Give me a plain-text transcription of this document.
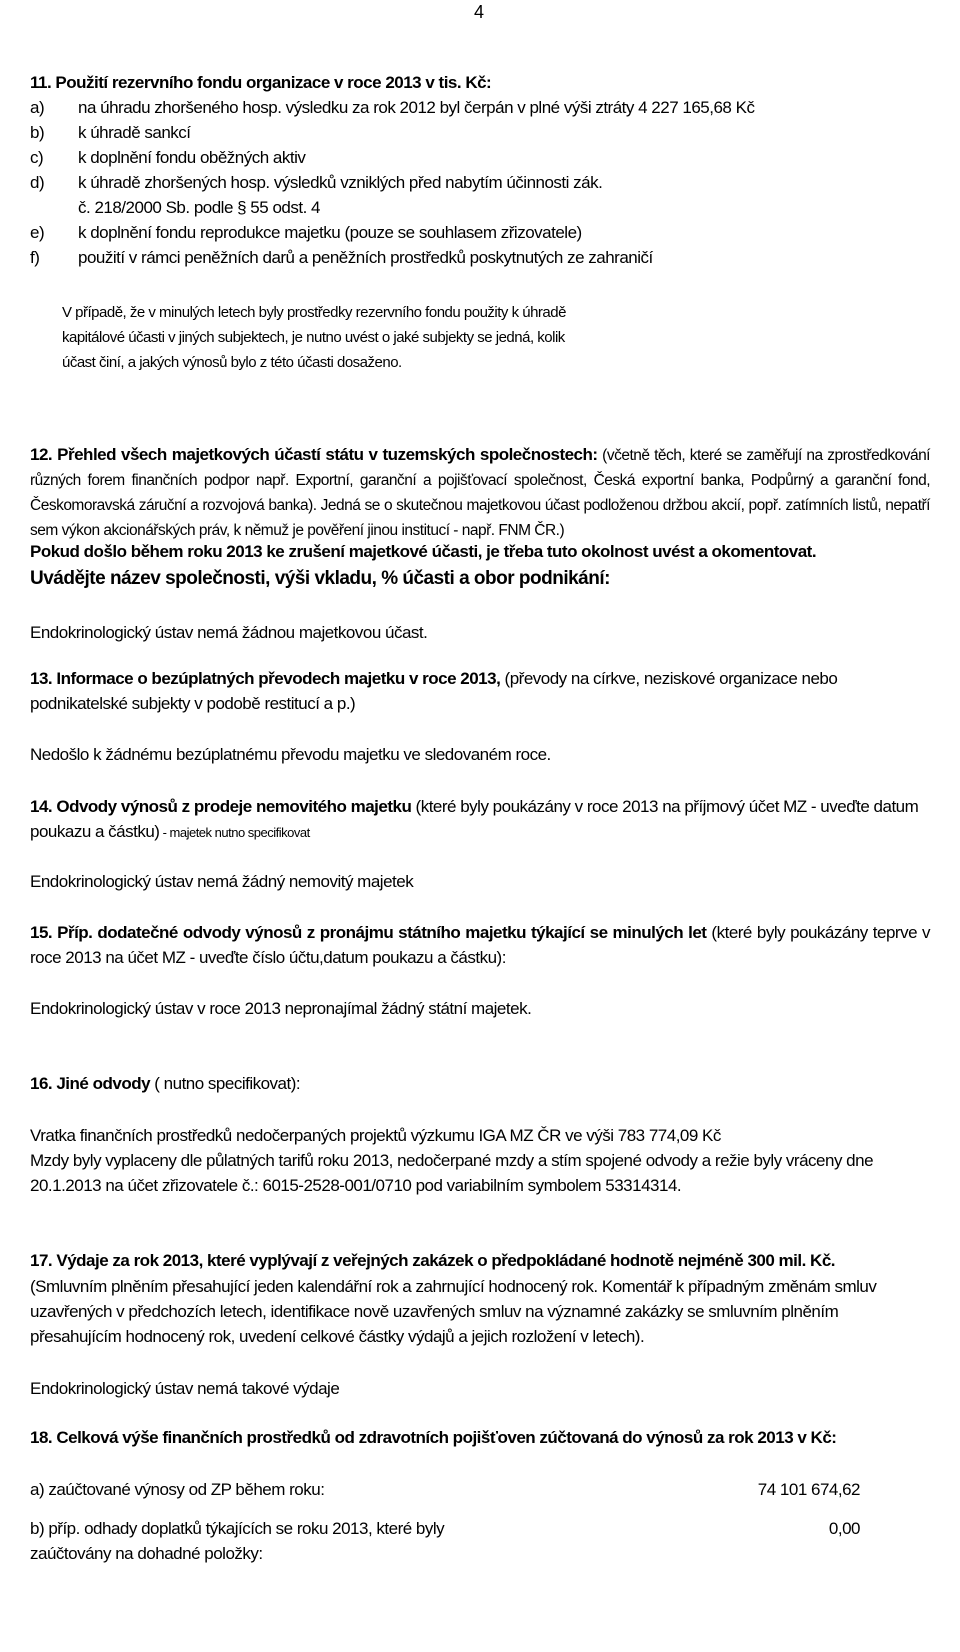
4
11. Použití rezervního fondu organizace v roce 2013 v tis. Kč:
a)	na úhradu zhoršeného hosp. výsledku za rok 2012 byl čerpán v plné výši ztráty 4 227 165,68 Kč
b)	k úhradě sankcí
c)	k doplnění fondu oběžných aktiv
d)	k úhradě zhoršených hosp. výsledků vzniklých před nabytím účinnosti zák.
č. 218/2000 Sb. podle § 55 odst. 4
e)	k doplnění fondu reprodukce majetku (pouze se souhlasem zřizovatele)
f)	použití v rámci peněžních darů a peněžních prostředků poskytnutých ze zahraničí
V případě, že v minulých letech byly prostředky rezervního fondu použity k úhradě
kapitálové účasti v jiných subjektech, je nutno uvést o jaké subjekty se jedná, kolik
účast činí, a jakých výnosů bylo z této účasti dosaženo.
12. Přehled všech majetkových účastí státu v tuzemských společnostech: (včetně těch, které se zaměřují na zprostředkování různých forem finančních podpor např. Exportní, garanční a pojišťovací společnost, Česká exportní banka, Podpůrný a garanční fond, Českomoravská záruční a rozvojová banka). Jedná se o skutečnou majetkovou účast podloženou držbou akcií, popř. zatímních listů, nepatří sem výkon akcionářských práv, k němuž je pověření jinou institucí - např. FNM ČR.)
Pokud došlo během roku 2013 ke zrušení majetkové účasti, je třeba tuto okolnost uvést a okomentovat.
Uvádějte název společnosti, výši vkladu, % účasti a obor podnikání:
Endokrinologický ústav nemá žádnou majetkovou účast.
13. Informace o bezúplatných převodech majetku v roce 2013, (převody na církve, neziskové organizace nebo podnikatelské subjekty v podobě restitucí a p.)
Nedošlo k žádnému bezúplatnému převodu majetku ve sledovaném roce.
14. Odvody výnosů z prodeje nemovitého majetku (které byly poukázány v roce 2013 na příjmový účet MZ - uveďte datum poukazu a částku) - majetek nutno specifikovat
Endokrinologický ústav nemá žádný nemovitý majetek
15. Příp. dodatečné odvody výnosů z pronájmu státního majetku týkající se minulých let (které byly poukázány teprve v roce 2013 na účet MZ - uveďte číslo účtu,datum poukazu a částku):
Endokrinologický ústav v roce 2013 nepronajímal žádný státní majetek.
16. Jiné odvody ( nutno specifikovat):
Vratka finančních prostředků nedočerpaných projektů výzkumu IGA MZ ČR ve výši 783 774,09 Kč
Mzdy byly vyplaceny dle půlatných tarifů roku 2013, nedočerpané mzdy a stím spojené odvody a režie byly vráceny dne 20.1.2013 na účet zřizovatele č.: 6015-2528-001/0710 pod variabilním symbolem 53314314.
17. Výdaje za rok 2013, které vyplývají z veřejných zakázek o předpokládané hodnotě nejméně 300 mil. Kč.
(Smluvním plněním přesahující jeden kalendářní rok a zahrnující hodnocený rok. Komentář k případným změnám smluv uzavřených v předchozích letech, identifikace nově uzavřených smluv na významné zakázky se smluvním plněním přesahujícím hodnocený rok, uvedení celkové částky výdajů a jejich rozložení v letech).
Endokrinologický ústav nemá takové výdaje
18. Celková výše finančních prostředků od zdravotních pojišťoven zúčtovaná do výnosů za rok 2013 v Kč:
a) zaúčtované výnosy od ZP během roku:	74 101 674,62
b) příp. odhady doplatků týkajících se roku 2013, které byly
zaúčtovány na dohadné položky:
0,00
